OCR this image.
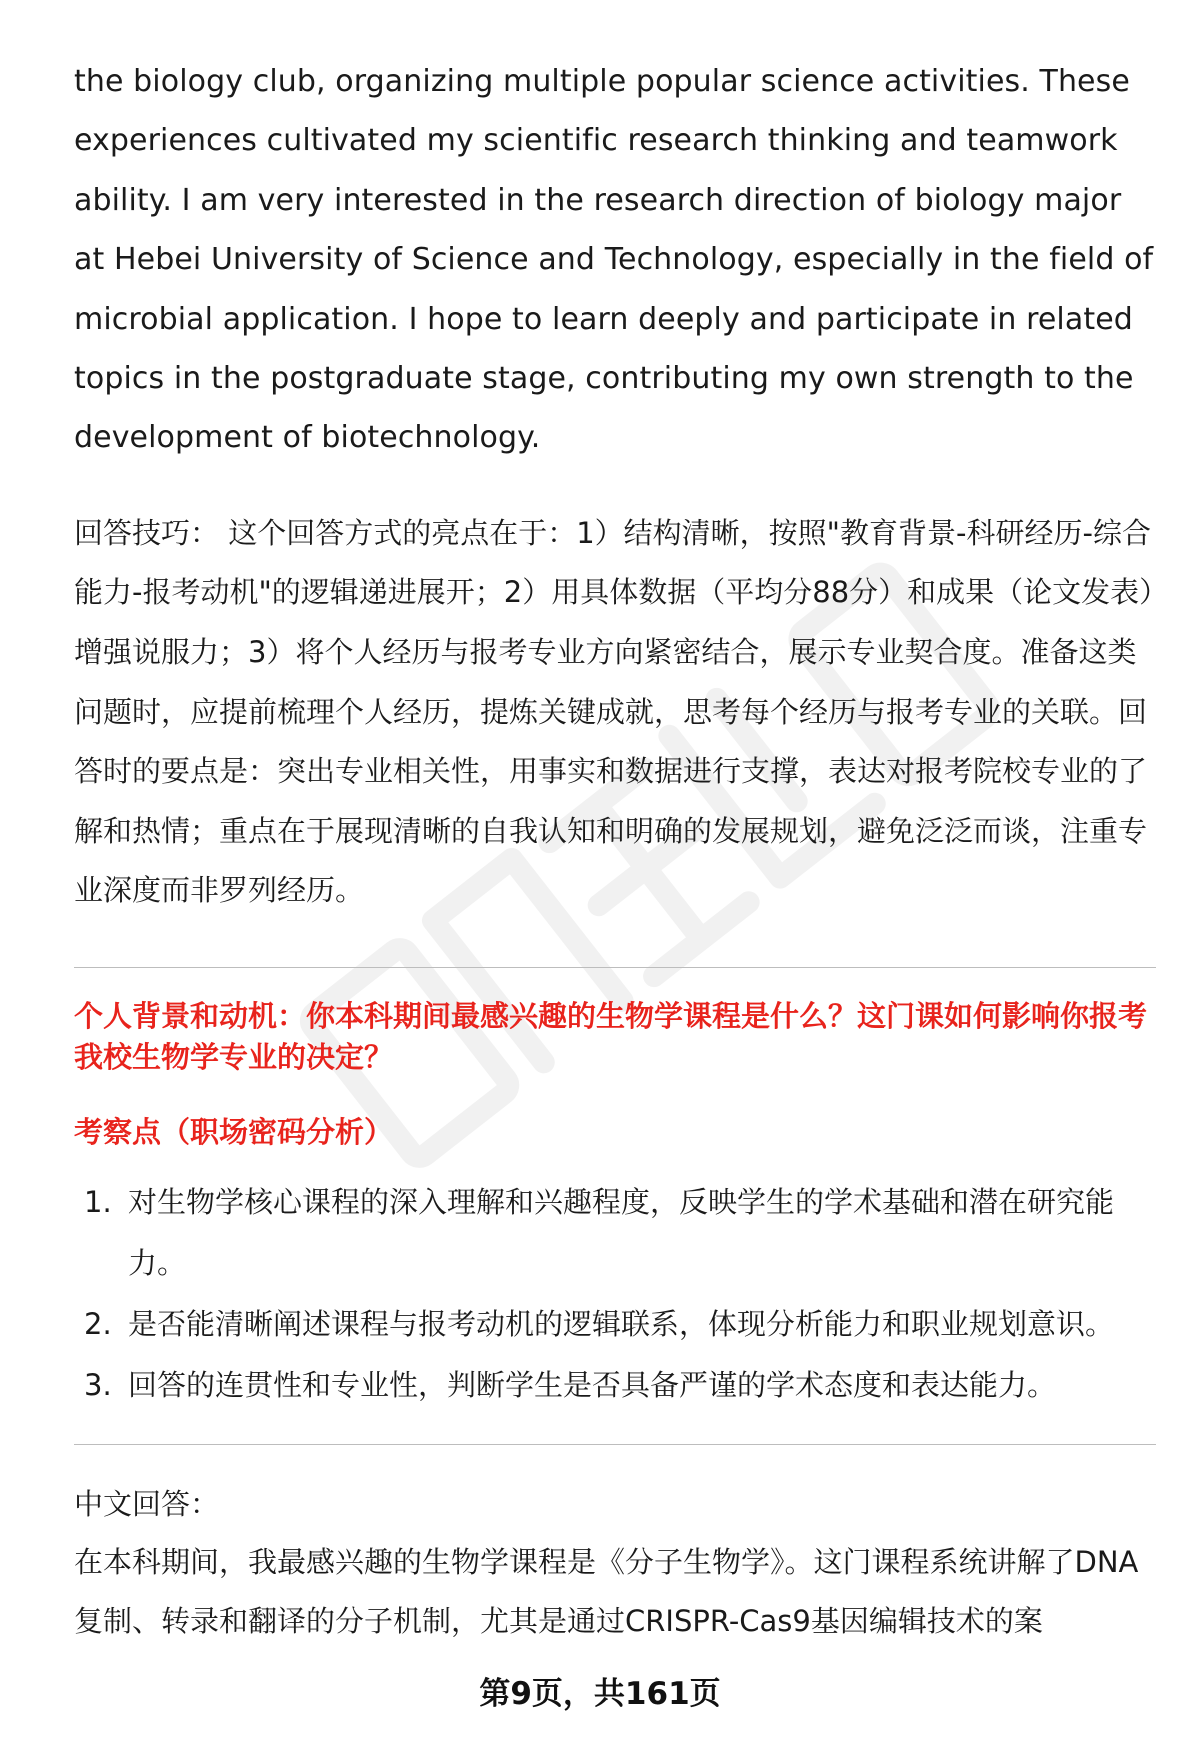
the biology club, organizing multiple popular science activities. These experiences cultivated my scientific research thinking and teamwork ability. I am very interested in the research direction of biology major at Hebei University of Science and Technology, especially in the field of microbial application. I hope to learn deeply and participate in related topics in the postgraduate stage, contributing my own strength to the development of biotechnology.

回答技巧： 这个回答方式的亮点在于：1）结构清晰，按照"教育背景-科研经历-综合能力-报考动机"的逻辑递进展开；2）用具体数据（平均分88分）和成果（论文发表）增强说服力；3）将个人经历与报考专业方向紧密结合，展示专业契合度。准备这类问题时，应提前梳理个人经历，提炼关键成就，思考每个经历与报考专业的关联。回答时的要点是：突出专业相关性，用事实和数据进行支撑，表达对报考院校专业的了解和热情；重点在于展现清晰的自我认知和明确的发展规划，避免泛泛而谈，注重专业深度而非罗列经历。

个人背景和动机：你本科期间最感兴趣的生物学课程是什么？这门课如何影响你报考我校生物学专业的决定？

考察点（职场密码分析）

1. 对生物学核心课程的深入理解和兴趣程度，反映学生的学术基础和潜在研究能力。
2. 是否能清晰阐述课程与报考动机的逻辑联系，体现分析能力和职业规划意识。
3. 回答的连贯性和专业性，判断学生是否具备严谨的学术态度和表达能力。

中文回答：

在本科期间，我最感兴趣的生物学课程是《分子生物学》。这门课程系统讲解了DNA复制、转录和翻译的分子机制，尤其是通过CRISPR-Cas9基因编辑技术的案

第9页，共161页
